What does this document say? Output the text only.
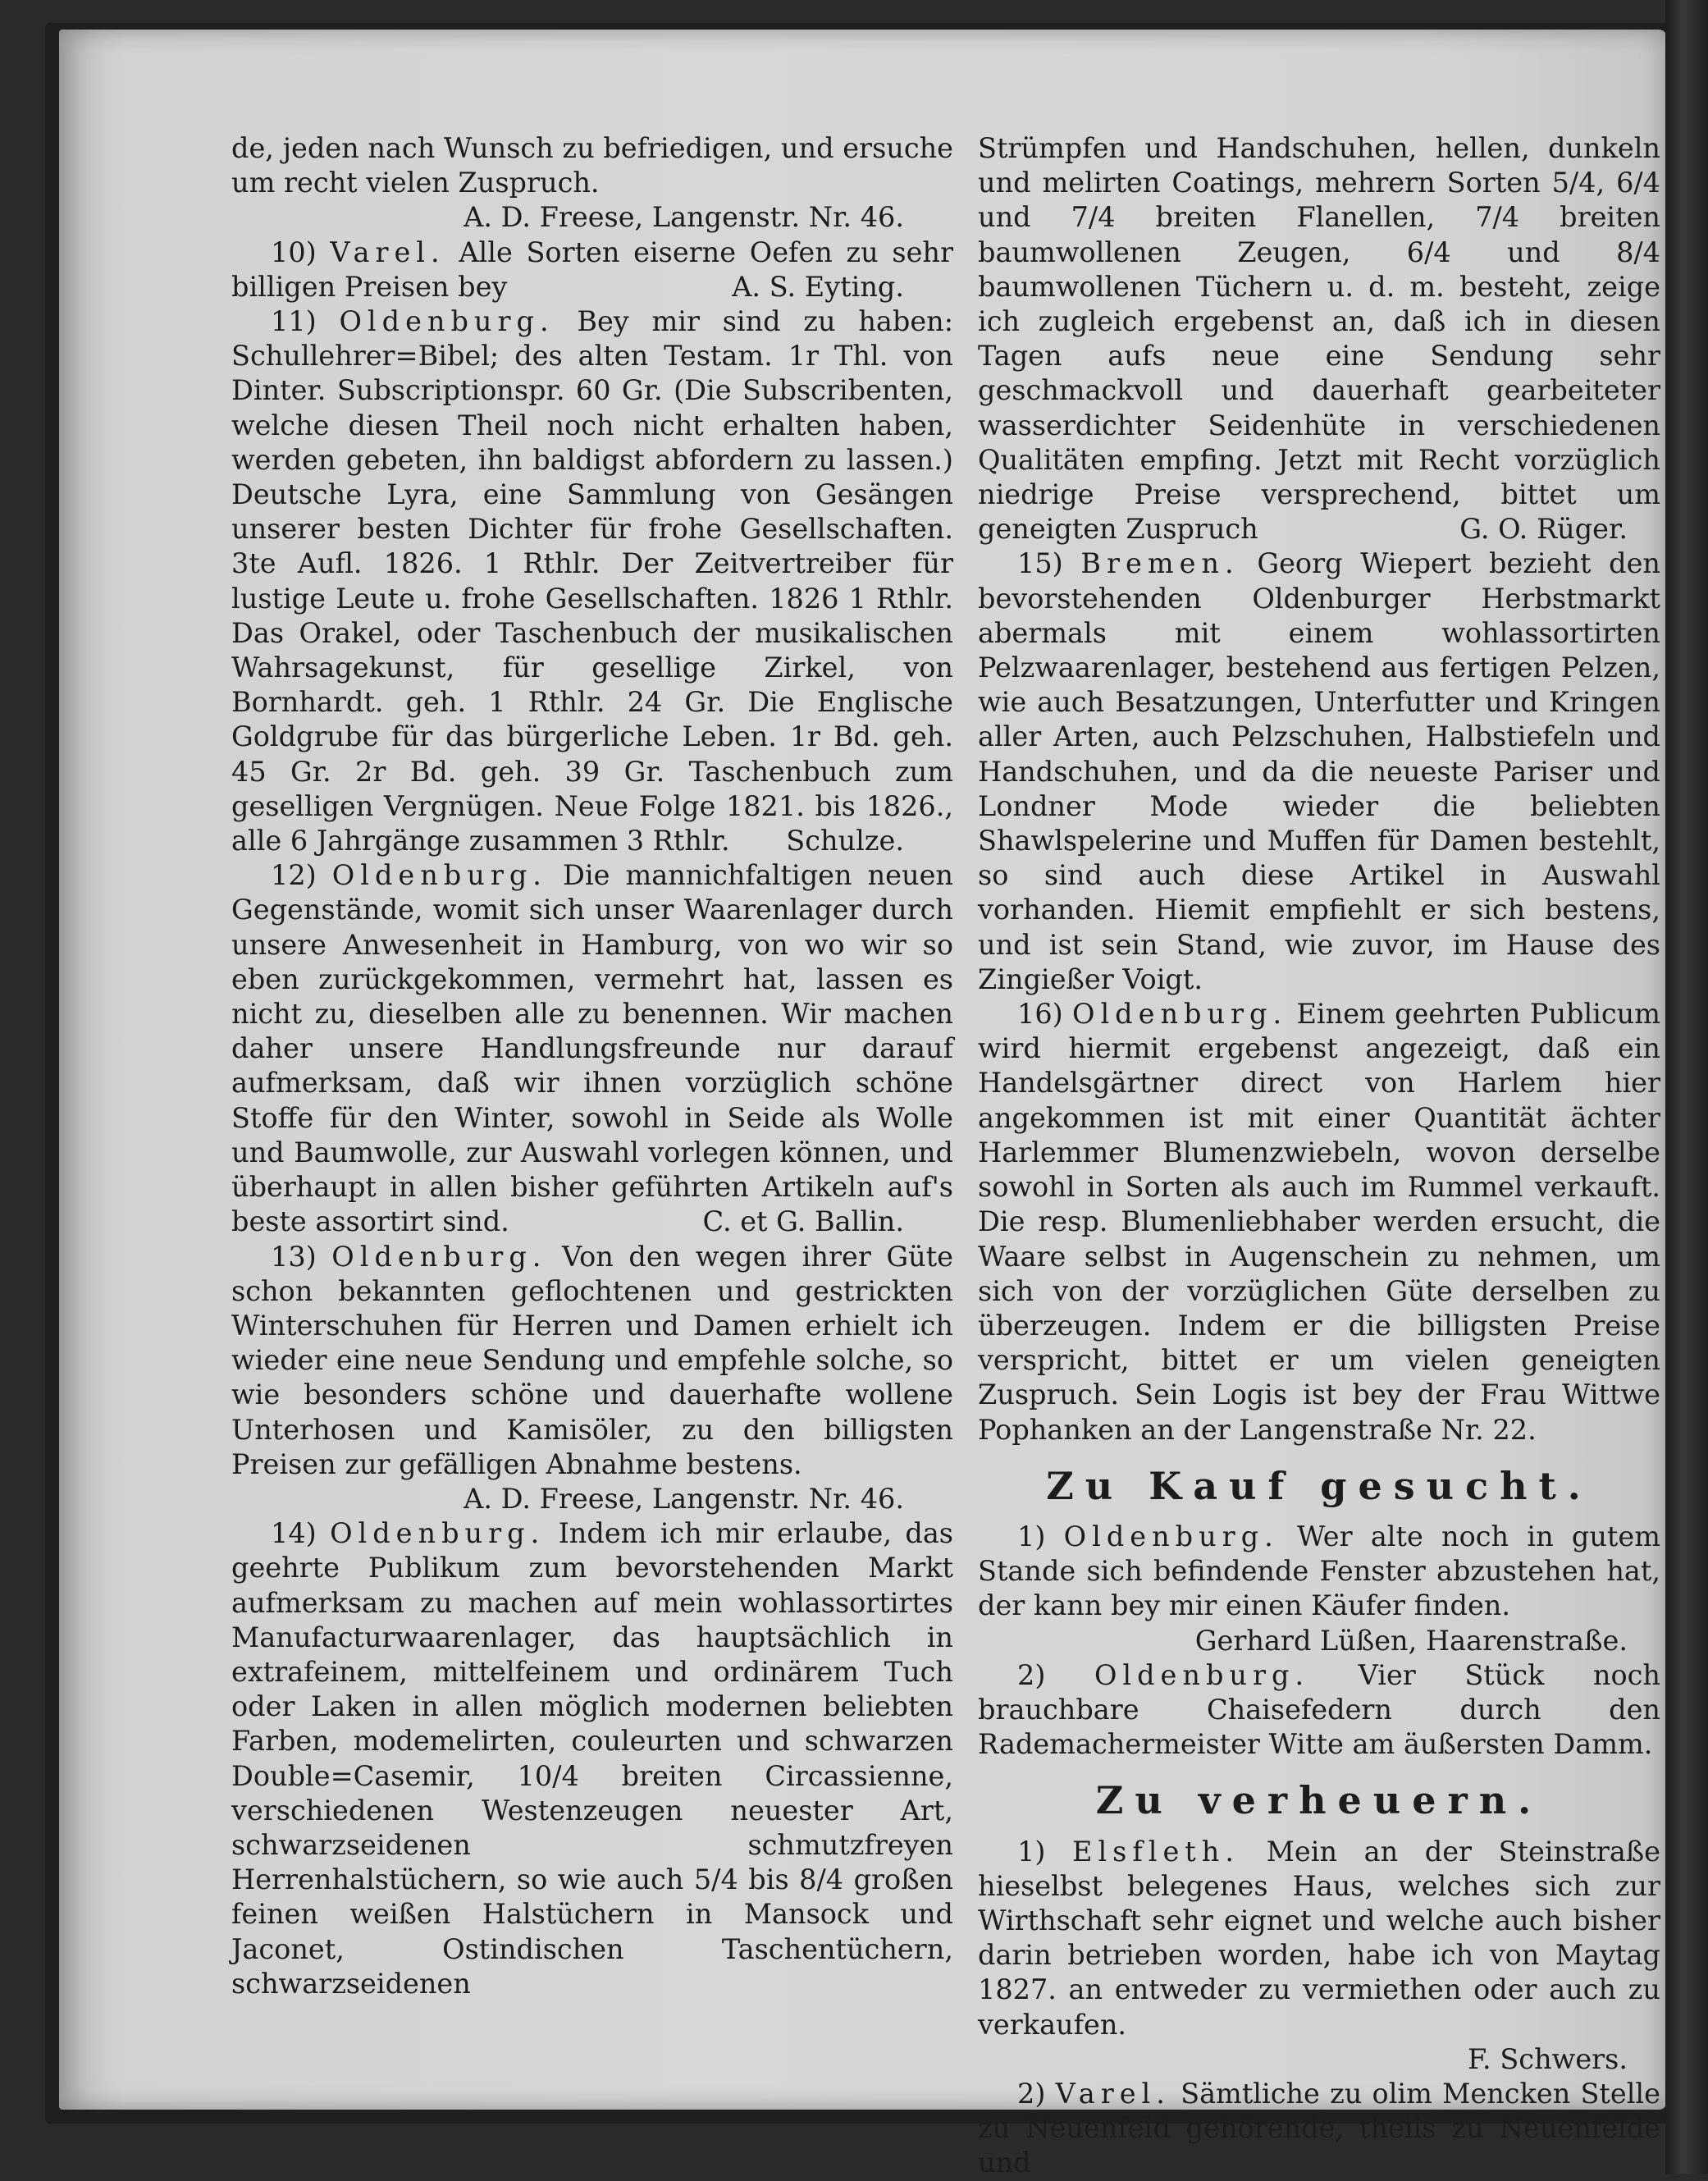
de, jeden nach Wunsch zu befriedigen, und ersuche um recht vielen Zuspruch.

A. D. Freese, Langenstr. Nr. 46.

10) Varel. Alle Sorten eiserne Oefen zu sehr billigen Preisen bey	A. S. Eyting.

11) Oldenburg. Bey mir sind zu haben: Schullehrer=Bibel; des alten Testam. 1r Thl. von Dinter. Subscriptionspr. 60 Gr. (Die Subscribenten, welche diesen Theil noch nicht erhalten haben, werden gebeten, ihn baldigst abfordern zu lassen.) Deutsche Lyra, eine Sammlung von Gesängen unserer besten Dichter für frohe Gesellschaften. 3te Aufl. 1826. 1 Rthlr. Der Zeitvertreiber für lustige Leute u. frohe Gesellschaften. 1826 1 Rthlr. Das Orakel, oder Taschenbuch der musikalischen Wahrsagekunst, für gesellige Zirkel, von Bornhardt. geh. 1 Rthlr. 24 Gr. Die Englische Goldgrube für das bürgerliche Leben. 1r Bd. geh. 45 Gr. 2r Bd. geh. 39 Gr. Taschenbuch zum geselligen Vergnügen. Neue Folge 1821. bis 1826., alle 6 Jahrgänge zusammen 3 Rthlr.	Schulze.

12) Oldenburg. Die mannichfaltigen neuen Gegenstände, womit sich unser Waarenlager durch unsere Anwesenheit in Hamburg, von wo wir so eben zurückgekommen, vermehrt hat, lassen es nicht zu, dieselben alle zu benennen. Wir machen daher unsere Handlungsfreunde nur darauf aufmerksam, daß wir ihnen vorzüglich schöne Stoffe für den Winter, sowohl in Seide als Wolle und Baumwolle, zur Auswahl vorlegen können, und überhaupt in allen bisher geführten Artikeln auf's beste assortirt sind.	C. et G. Ballin.

13) Oldenburg. Von den wegen ihrer Güte schon bekannten geflochtenen und gestrickten Winterschuhen für Herren und Damen erhielt ich wieder eine neue Sendung und empfehle solche, so wie besonders schöne und dauerhafte wollene Unterhosen und Kamisöler, zu den billigsten Preisen zur gefälligen Abnahme bestens.

A. D. Freese, Langenstr. Nr. 46.

14) Oldenburg. Indem ich mir erlaube, das geehrte Publikum zum bevorstehenden Markt aufmerksam zu machen auf mein wohlassortirtes Manufacturwaarenlager, das hauptsächlich in extrafeinem, mittelfeinem und ordinärem Tuch oder Laken in allen möglich modernen beliebten Farben, modemelirten, couleurten und schwarzen Double=Casemir, 10/4 breiten Circassienne, verschiedenen Westenzeugen neuester Art, schwarzseidenen schmutzfreyen Herrenhalstüchern, so wie auch 5/4 bis 8/4 großen feinen weißen Halstüchern in Mansock und Jaconet, Ostindischen Taschentüchern, schwarzseidenen

Strümpfen und Handschuhen, hellen, dunkeln und melirten Coatings, mehrern Sorten 5/4, 6/4 und 7/4 breiten Flanellen, 7/4 breiten baumwollenen Zeugen, 6/4 und 8/4 baumwollenen Tüchern u. d. m. besteht, zeige ich zugleich ergebenst an, daß ich in diesen Tagen aufs neue eine Sendung sehr geschmackvoll und dauerhaft gearbeiteter wasserdichter Seidenhüte in verschiedenen Qualitäten empfing. Jetzt mit Recht vorzüglich niedrige Preise versprechend, bittet um geneigten Zuspruch	G. O. Rüger.

15) Bremen. Georg Wiepert bezieht den bevorstehenden Oldenburger Herbstmarkt abermals mit einem wohlassortirten Pelzwaarenlager, bestehend aus fertigen Pelzen, wie auch Besatzungen, Unterfutter und Kringen aller Arten, auch Pelzschuhen, Halbstiefeln und Handschuhen, und da die neueste Pariser und Londner Mode wieder die beliebten Shawlspelerine und Muffen für Damen bestehlt, so sind auch diese Artikel in Auswahl vorhanden. Hiemit empfiehlt er sich bestens, und ist sein Stand, wie zuvor, im Hause des Zingießer Voigt.

16) Oldenburg. Einem geehrten Publicum wird hiermit ergebenst angezeigt, daß ein Handelsgärtner direct von Harlem hier angekommen ist mit einer Quantität ächter Harlemmer Blumenzwiebeln, wovon derselbe sowohl in Sorten als auch im Rummel verkauft. Die resp. Blumenliebhaber werden ersucht, die Waare selbst in Augenschein zu nehmen, um sich von der vorzüglichen Güte derselben zu überzeugen. Indem er die billigsten Preise verspricht, bittet er um vielen geneigten Zuspruch. Sein Logis ist bey der Frau Wittwe Pophanken an der Langenstraße Nr. 22.

Zu Kauf gesucht.

1) Oldenburg. Wer alte noch in gutem Stande sich befindende Fenster abzustehen hat, der kann bey mir einen Käufer finden.

Gerhard Lüßen, Haarenstraße.

2) Oldenburg. Vier Stück noch brauchbare Chaisefedern durch den Rademachermeister Witte am äußersten Damm.

Zu verheuern.

1) Elsfleth. Mein an der Steinstraße hieselbst belegenes Haus, welches sich zur Wirthschaft sehr eignet und welche auch bisher darin betrieben worden, habe ich von Maytag 1827. an entweder zu vermiethen oder auch zu verkaufen.

F. Schwers.

2) Varel. Sämtliche zu olim Mencken Stelle zu Neuenfeld gehörende, theils zu Neuenfelde und
